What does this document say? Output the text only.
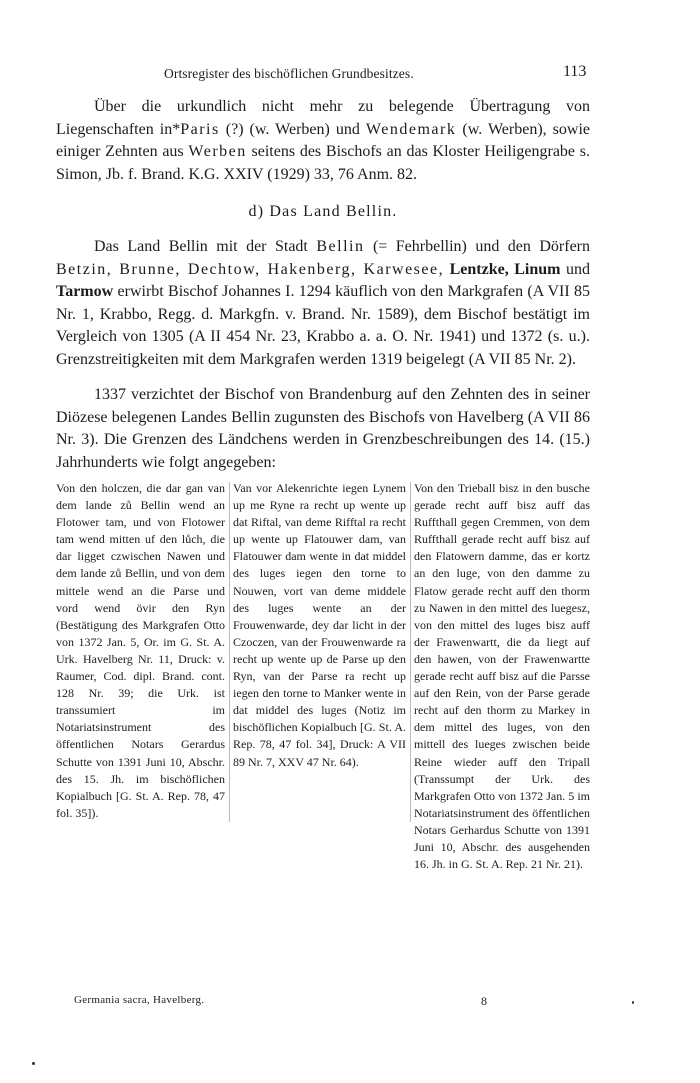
Ortsregister des bischöflichen Grundbesitzes.	113
Über die urkundlich nicht mehr zu belegende Übertragung von Liegenschaften in*Paris (?) (w. Werben) und Wendemark (w. Werben), sowie einiger Zehnten aus Werben seitens des Bischofs an das Kloster Heiligengrabe s. Simon, Jb. f. Brand. K.G. XXIV (1929) 33, 76 Anm. 82.
d) Das Land Bellin.
Das Land Bellin mit der Stadt Bellin (= Fehrbellin) und den Dörfern Betzin, Brunne, Dechtow, Hakenberg, Karwesee, Lentzke, Linum und Tarmow erwirbt Bischof Johannes I. 1294 käuflich von den Markgrafen (A VII 85 Nr. 1, Krabbo, Regg. d. Markgfn. v. Brand. Nr. 1589), dem Bischof bestätigt im Vergleich von 1305 (A II 454 Nr. 23, Krabbo a. a. O. Nr. 1941) und 1372 (s. u.). Grenzstreitigkeiten mit dem Markgrafen werden 1319 beigelegt (A VII 85 Nr. 2).
1337 verzichtet der Bischof von Brandenburg auf den Zehnten des in seiner Diözese belegenen Landes Bellin zugunsten des Bischofs von Havelberg (A VII 86 Nr. 3). Die Grenzen des Ländchens werden in Grenzbeschreibungen des 14. (15.) Jahrhunderts wie folgt angegeben:
Von den holczen, die dar gan van dem lande zů Bellin wend an Flotower tam, und von Flotower tam wend mitten uf den lůch, die dar ligget czwischen Nawen und dem lande zů Bellin, und von dem mittele wend an die Parse und vord wend övir den Ryn (Bestätigung des Markgrafen Otto von 1372 Jan. 5, Or. im G. St. A. Urk. Havelberg Nr. 11, Druck: v. Raumer, Cod. dipl. Brand. cont. 128 Nr. 39; die Urk. ist transsumiert im Notariatsinstrument des öffentlichen Notars Gerardus Schutte von 1391 Juni 10, Abschr. des 15. Jh. im bischöflichen Kopialbuch [G. St. A. Rep. 78, 47 fol. 35]).
Van vor Alekenrichte iegen Lynem up me Ryne ra recht up wente up dat Riftal, van deme Rifftal ra recht up wente up Flatouwer dam, van Flatouwer dam wente in dat middel des luges iegen den torne to Nouwen, vort van deme middele des luges wente an der Frouwenwarde, dey dar licht in der Czoczen, van der Frouwenwarde ra recht up wente up de Parse up den Ryn, van der Parse ra recht up iegen den torne to Manker wente in dat middel des luges (Notiz im bischöflichen Kopialbuch [G. St. A. Rep. 78, 47 fol. 34], Druck: A VII 89 Nr. 7, XXV 47 Nr. 64).
Von den Trieball bisz in den busche gerade recht auff bisz auff das Ruffthall gegen Cremmen, von dem Ruffthall gerade recht auff bisz auf den Flatowern damme, das er kortz an den luge, von den damme zu Flatow gerade recht auff den thorm zu Nawen in den mittel des luegesz, von den mittel des luges bisz auff der Frawenwartt, die da liegt auf den hawen, von der Frawenwartte gerade recht auff bisz auf die Parsse auf den Rein, von der Parse gerade recht auf den thorm zu Markey in dem mittel des luges, von den mittell des lueges zwischen beide Reine wieder auff den Tripall (Transsumpt der Urk. des Markgrafen Otto von 1372 Jan. 5 im Notariatsinstrument des öffentlichen Notars Gerhardus Schutte von 1391 Juni 10, Abschr. des ausgehenden 16. Jh. in G. St. A. Rep. 21 Nr. 21).
Germania sacra, Havelberg.	8
